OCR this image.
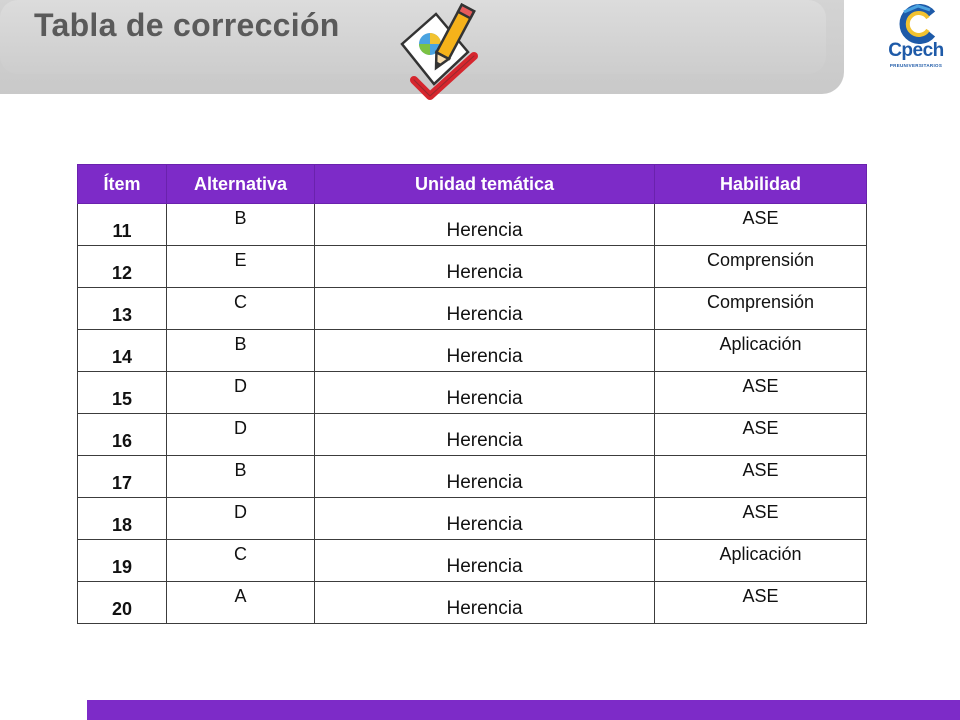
Tabla de corrección
Cpech
PREUNIVERSITARIOS
Ítem	Alternativa	Unidad temática	Habilidad
11	B	Herencia	ASE
12	E	Herencia	Comprensión
13	C	Herencia	Comprensión
14	B	Herencia	Aplicación
15	D	Herencia	ASE
16	D	Herencia	ASE
17	B	Herencia	ASE
18	D	Herencia	ASE
19	C	Herencia	Aplicación
20	A	Herencia	ASE
